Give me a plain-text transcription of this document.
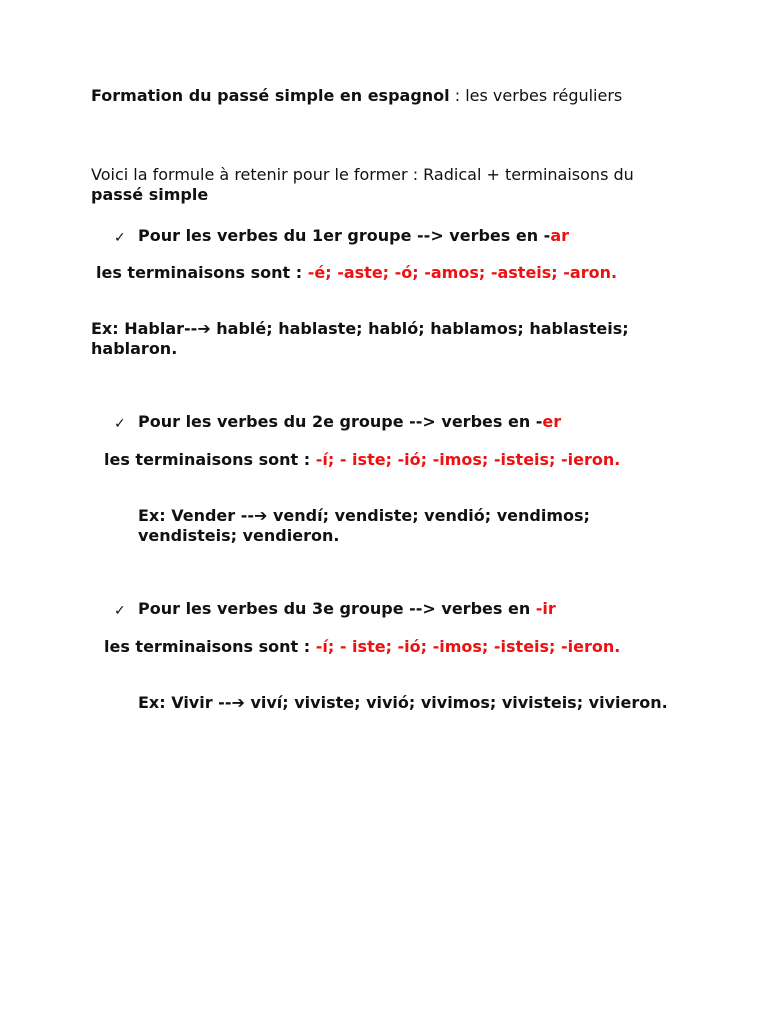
Formation du passé simple en espagnol : les verbes réguliers

Voici la formule à retenir pour le former : Radical + terminaisons du passé simple

✓ Pour les verbes du 1er groupe --> verbes en -ar

les terminaisons sont : -é; -aste; -ó; -amos; -asteis; -aron.

Ex: Hablar--➔ hablé; hablaste; habló; hablamos; hablasteis; hablaron.

✓ Pour les verbes du 2e groupe --> verbes en -er

les terminaisons sont : -í; - iste; -ió; -imos; -isteis; -ieron.

Ex: Vender --➔ vendí; vendiste; vendió; vendimos; vendisteis; vendieron.

✓ Pour les verbes du 3e groupe --> verbes en -ir

les terminaisons sont : -í; - iste; -ió; -imos; -isteis; -ieron.

Ex: Vivir --➔ viví; viviste; vivió; vivimos; vivisteis; vivieron.
